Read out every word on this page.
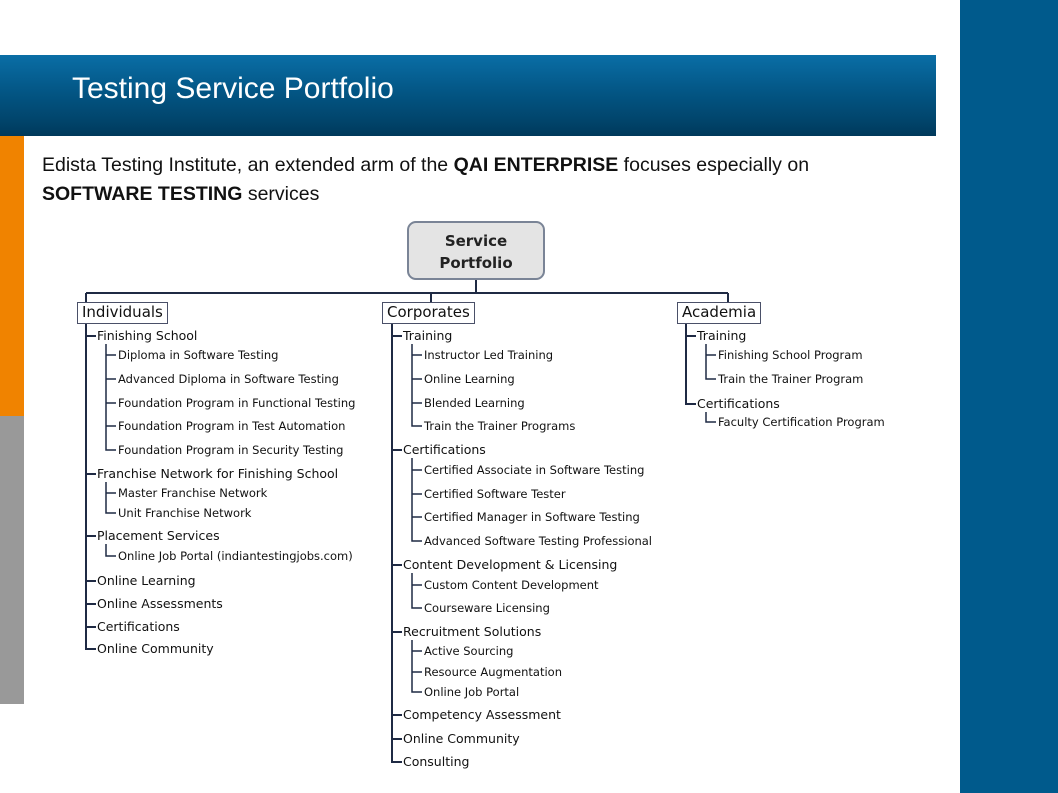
Testing Service Portfolio
Edista Testing Institute, an extended arm of the QAI ENTERPRISE focuses especially on SOFTWARE TESTING services
Service
Portfolio
Individuals	Corporates	Academia
Finishing School
Diploma in Software Testing
Advanced Diploma in Software Testing
Foundation Program in Functional Testing
Foundation Program in Test Automation
Foundation Program in Security Testing
Franchise Network for Finishing School
Master Franchise Network
Unit Franchise Network
Placement Services
Online Job Portal (indiantestingjobs.com)
Online Learning
Online Assessments
Certifications
Online Community
Training
Instructor Led Training
Online Learning
Blended Learning
Train the Trainer Programs
Certifications
Certified Associate in Software Testing
Certified Software Tester
Certified Manager in Software Testing
Advanced Software Testing Professional
Content Development & Licensing
Custom Content Development
Courseware Licensing
Recruitment Solutions
Active Sourcing
Resource Augmentation
Online Job Portal
Competency Assessment
Online Community
Consulting
Training
Finishing School Program
Train the Trainer Program
Certifications
Faculty Certification Program
